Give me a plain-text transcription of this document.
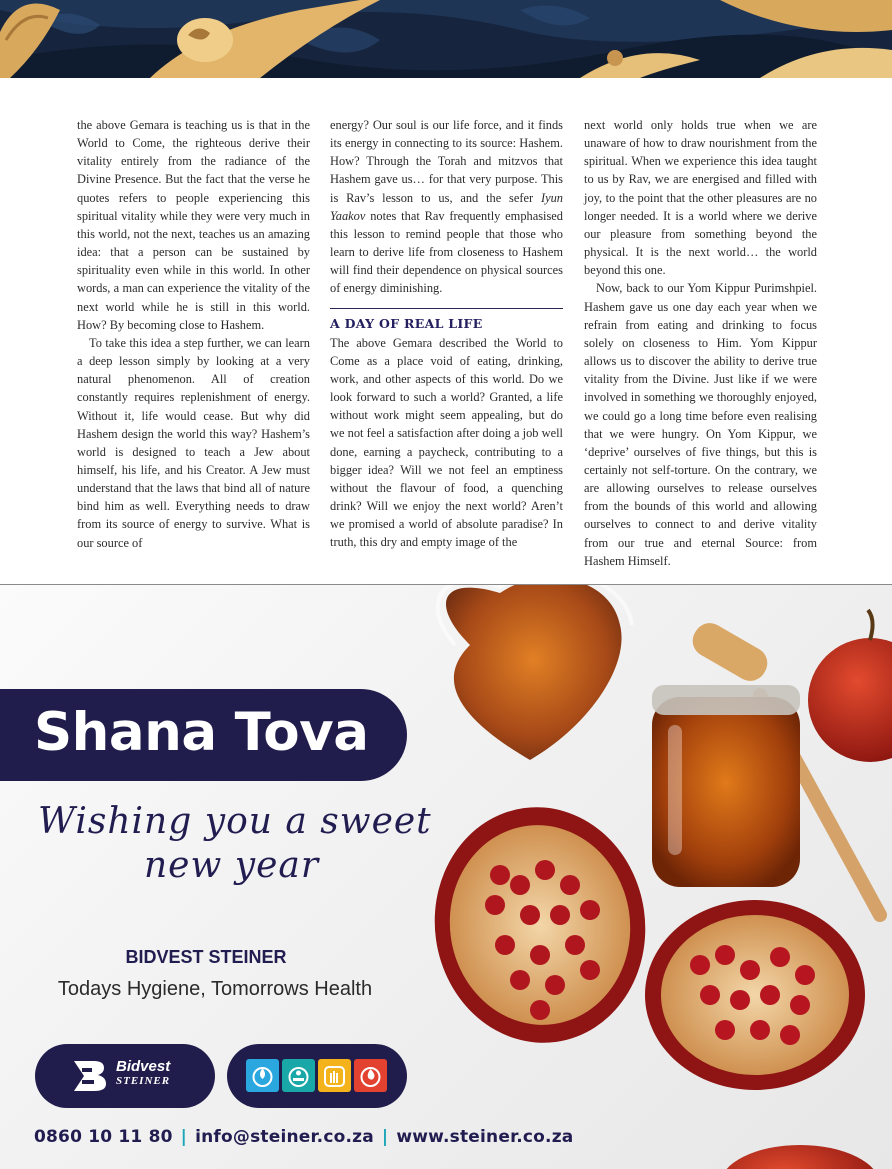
the above Gemara is teaching us is that in the World to Come, the righteous derive their vitality entirely from the radiance of the Divine Presence. But the fact that the verse he quotes refers to people experiencing this spiritual vitality while they were very much in this world, not the next, teaches us an amazing idea: that a person can be sustained by spirituality even while in this world. In other words, a man can experience the vitality of the next world while he is still in this world. How? By becoming close to Hashem.

To take this idea a step further, we can learn a deep lesson simply by looking at a very natural phenomenon. All of creation constantly requires replenishment of energy. Without it, life would cease. But why did Hashem design the world this way? Hashem’s world is designed to teach a Jew about himself, his life, and his Creator. A Jew must understand that the laws that bind all of nature bind him as well. Everything needs to draw from its source of energy to survive. What is our source of

energy? Our soul is our life force, and it finds its energy in connecting to its source: Hashem. How? Through the Torah and mitzvos that Hashem gave us… for that very purpose. This is Rav’s lesson to us, and the sefer Iyun Yaakov notes that Rav frequently emphasised this lesson to remind people that those who learn to derive life from closeness to Hashem will find their dependence on physical sources of energy diminishing.

A DAY OF REAL LIFE

The above Gemara described the World to Come as a place void of eating, drinking, work, and other aspects of this world. Do we look forward to such a world? Granted, a life without work might seem appealing, but do we not feel a satisfaction after doing a job well done, earning a paycheck, contributing to a bigger idea? Will we not feel an emptiness without the flavour of food, a quenching drink? Will we enjoy the next world? Aren’t we promised a world of absolute paradise? In truth, this dry and empty image of the

next world only holds true when we are unaware of how to draw nourishment from the spiritual. When we experience this idea taught to us by Rav, we are energised and filled with joy, to the point that the other pleasures are no longer needed. It is a world where we derive our pleasure from something beyond the physical. It is the next world… the world beyond this one.

Now, back to our Yom Kippur Purimshpiel. Hashem gave us one day each year when we refrain from eating and drinking to focus solely on closeness to Him. Yom Kippur allows us to discover the ability to derive true vitality from the Divine. Just like if we were involved in something we thoroughly enjoyed, we could go a long time before even realising that we were hungry. On Yom Kippur, we ‘deprive’ ourselves of five things, but this is certainly not self-torture. On the contrary, we are allowing ourselves to release ourselves from the bounds of this world and allowing ourselves to connect to and derive vitality from our true and eternal Source: from Hashem Himself.

Shana Tova
Wishing you a sweet
new year
BIDVEST STEINER
Todays Hygiene, Tomorrows Health
Bidvest
STEINER
0860 10 11 80 | info@steiner.co.za | www.steiner.co.za
